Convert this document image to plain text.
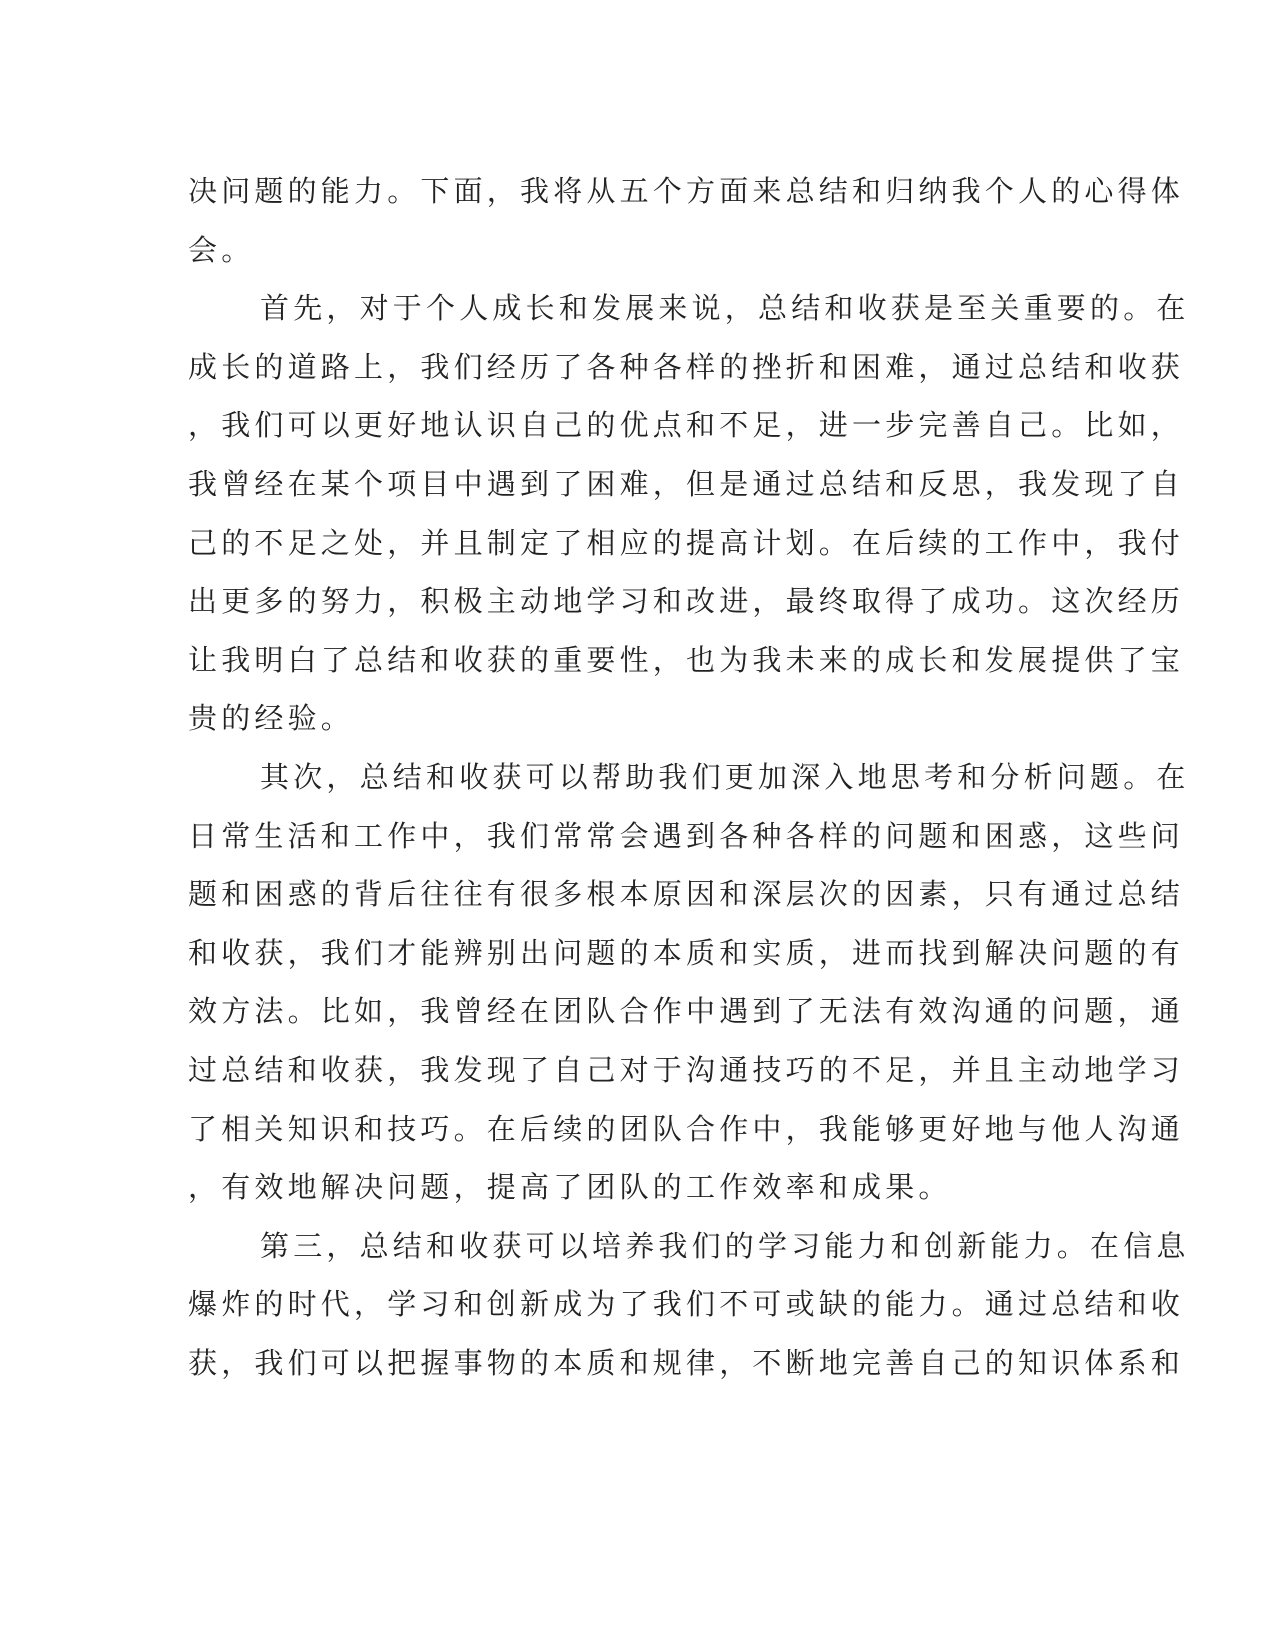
决问题的能力。下面，我将从五个方面来总结和归纳我个人的心得体
会。
首先，对于个人成长和发展来说，总结和收获是至关重要的。在
成长的道路上，我们经历了各种各样的挫折和困难，通过总结和收获
，我们可以更好地认识自己的优点和不足，进一步完善自己。比如，
我曾经在某个项目中遇到了困难，但是通过总结和反思，我发现了自
己的不足之处，并且制定了相应的提高计划。在后续的工作中，我付
出更多的努力，积极主动地学习和改进，最终取得了成功。这次经历
让我明白了总结和收获的重要性，也为我未来的成长和发展提供了宝
贵的经验。
其次，总结和收获可以帮助我们更加深入地思考和分析问题。在
日常生活和工作中，我们常常会遇到各种各样的问题和困惑，这些问
题和困惑的背后往往有很多根本原因和深层次的因素，只有通过总结
和收获，我们才能辨别出问题的本质和实质，进而找到解决问题的有
效方法。比如，我曾经在团队合作中遇到了无法有效沟通的问题，通
过总结和收获，我发现了自己对于沟通技巧的不足，并且主动地学习
了相关知识和技巧。在后续的团队合作中，我能够更好地与他人沟通
，有效地解决问题，提高了团队的工作效率和成果。
第三，总结和收获可以培养我们的学习能力和创新能力。在信息
爆炸的时代，学习和创新成为了我们不可或缺的能力。通过总结和收
获，我们可以把握事物的本质和规律，不断地完善自己的知识体系和
